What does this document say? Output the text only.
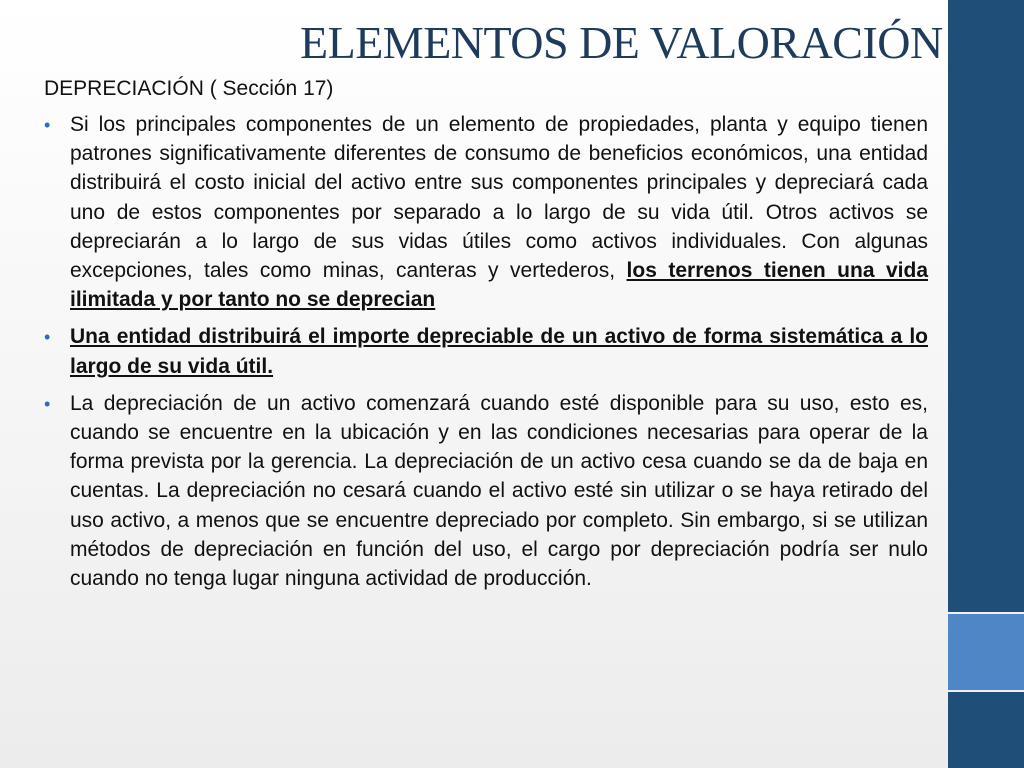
ELEMENTOS DE VALORACIÓN
DEPRECIACIÓN ( Sección 17)
• Si los principales componentes de un elemento de propiedades, planta y equipo tienen patrones significativamente diferentes de consumo de beneficios económicos, una entidad distribuirá el costo inicial del activo entre sus componentes principales y depreciará cada uno de estos componentes por separado a lo largo de su vida útil. Otros activos se depreciarán a lo largo de sus vidas útiles como activos individuales. Con algunas excepciones, tales como minas, canteras y vertederos, los terrenos tienen una vida ilimitada y por tanto no se deprecian
• Una entidad distribuirá el importe depreciable de un activo de forma sistemática a lo largo de su vida útil.
• La depreciación de un activo comenzará cuando esté disponible para su uso, esto es, cuando se encuentre en la ubicación y en las condiciones necesarias para operar de la forma prevista por la gerencia. La depreciación de un activo cesa cuando se da de baja en cuentas. La depreciación no cesará cuando el activo esté sin utilizar o se haya retirado del uso activo, a menos que se encuentre depreciado por completo. Sin embargo, si se utilizan métodos de depreciación en función del uso, el cargo por depreciación podría ser nulo cuando no tenga lugar ninguna actividad de producción.
